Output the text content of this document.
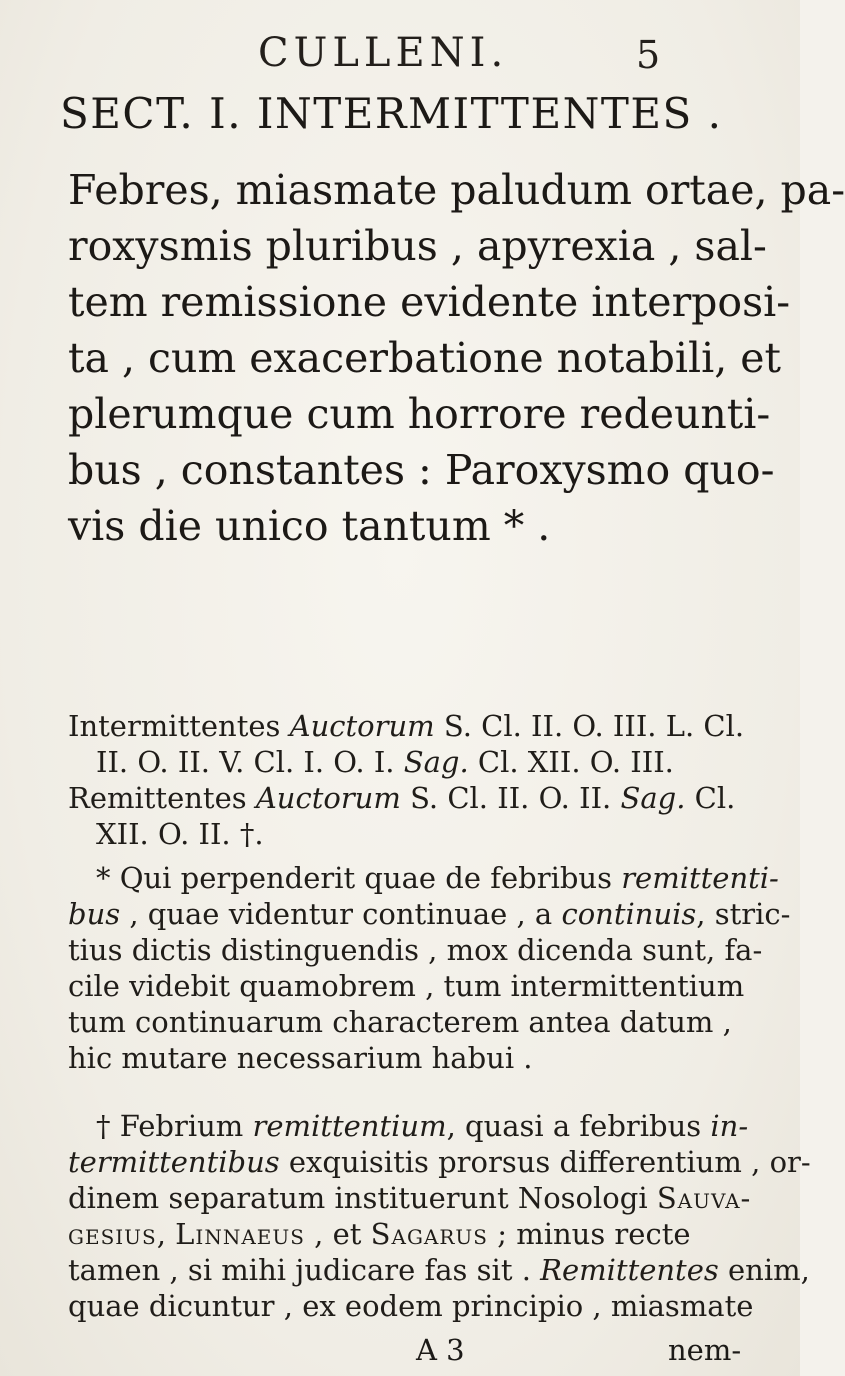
CULLENI.	5
SECT. I. INTERMITTENTES .
Febres, miasmate paludum ortae, pa-
roxysmis pluribus , apyrexia , sal-
tem remissione evidente interposi-
ta , cum exacerbatione notabili, et
plerumque cum horrore redeunti-
bus , constantes : Paroxysmo quo-
vis die unico tantum * .
Intermittentes Auctorum S. Cl. II. O. III. L. Cl.
II. O. II. V. Cl. I. O. I. Sag. Cl. XII. O. III.
Remittentes Auctorum S. Cl. II. O. II. Sag. Cl.
XII. O. II. †.
* Qui perpenderit quae de febribus remittenti-
bus , quae videntur continuae , a continuis, stric-
tius dictis distinguendis , mox dicenda sunt, fa-
cile videbit quamobrem , tum intermittentium
tum continuarum characterem antea datum ,
hic mutare necessarium habui .
† Febrium remittentium, quasi a febribus in-
termittentibus exquisitis prorsus differentium , or-
dinem separatum instituerunt Nosologi Sauva-
gesius, Linnaeus , et Sagarus ; minus recte
tamen , si mihi judicare fas sit . Remittentes enim,
quae dicuntur , ex eodem principio , miasmate
A 3	nem-
